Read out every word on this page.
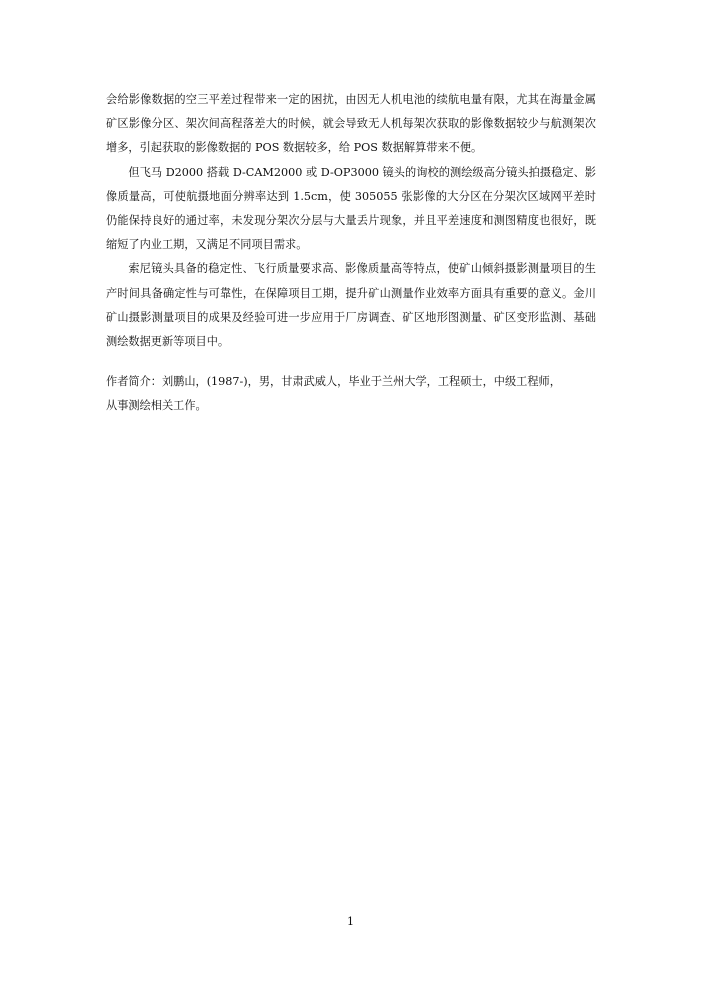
会给影像数据的空三平差过程带来一定的困扰，由因无人机电池的续航电量有限，尤其在海量金属矿区影像分区、架次间高程落差大的时候，就会导致无人机每架次获取的影像数据较少与航测架次增多，引起获取的影像数据的 POS 数据较多，给 POS 数据解算带来不便。

但飞马 D2000 搭载 D-CAM2000 或 D-OP3000 镜头的询校的测绘级高分镜头拍摄稳定、影像质量高，可使航摄地面分辨率达到 1.5cm，使 305055 张影像的大分区在分架次区域网平差时仍能保持良好的通过率，未发现分架次分层与大量丢片现象，并且平差速度和测图精度也很好，既缩短了内业工期，又满足不同项目需求。

索尼镜头具备的稳定性、飞行质量要求高、影像质量高等特点，使矿山倾斜摄影测量项目的生产时间具备确定性与可靠性，在保障项目工期，提升矿山测量作业效率方面具有重要的意义。金川矿山摄影测量项目的成果及经验可进一步应用于厂房调查、矿区地形图测量、矿区变形监测、基础测绘数据更新等项目中。

作者简介：刘鹏山，(1987-)，男，甘肃武威人，毕业于兰州大学，工程硕士，中级工程师，

从事测绘相关工作。

1
